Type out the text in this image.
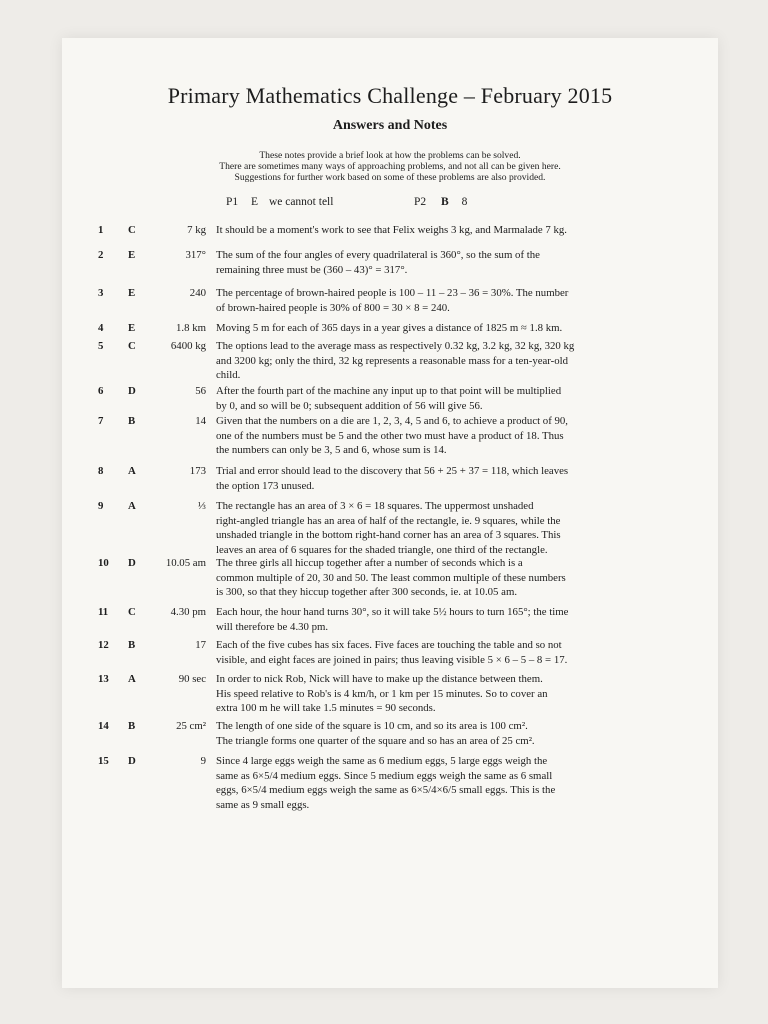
Primary Mathematics Challenge – February 2015
Answers and Notes
These notes provide a brief look at how the problems can be solved.
There are sometimes many ways of approaching problems, and not all can be given here.
Suggestions for further work based on some of these problems are also provided.
P1 E we cannot tell	P2 B 8
1	C	7 kg It should be a moment's work to see that Felix weighs 3 kg, and Marmalade 7 kg.
2	E	317° The sum of the four angles of every quadrilateral is 360°, so the sum of the
remaining three must be (360 – 43)° = 317°.
3	E	240 The percentage of brown-haired people is 100 – 11 – 23 – 36 = 30%. The number
of brown-haired people is 30% of 800 = 30 × 8 = 240.
4	E	1.8 km Moving 5 m for each of 365 days in a year gives a distance of 1825 m ≈ 1.8 km.
5	C	6400 kg The options lead to the average mass as respectively 0.32 kg, 3.2 kg, 32 kg, 320 kg
and 3200 kg; only the third, 32 kg represents a reasonable mass for a ten-year-old
child.
6	D	56 After the fourth part of the machine any input up to that point will be multiplied
by 0, and so will be 0; subsequent addition of 56 will give 56.
7	B	14 Given that the numbers on a die are 1, 2, 3, 4, 5 and 6, to achieve a product of 90,
one of the numbers must be 5 and the other two must have a product of 18. Thus
the numbers can only be 3, 5 and 6, whose sum is 14.
8	A	173 Trial and error should lead to the discovery that 56 + 25 + 37 = 118, which leaves
the option 173 unused.
9	A	⅓ The rectangle has an area of 3 × 6 = 18 squares. The uppermost unshaded
right-angled triangle has an area of half of the rectangle, ie. 9 squares, while the
unshaded triangle in the bottom right-hand corner has an area of 3 squares. This
leaves an area of 6 squares for the shaded triangle, one third of the rectangle.
10	D	10.05 am The three girls all hiccup together after a number of seconds which is a
common multiple of 20, 30 and 50. The least common multiple of these numbers
is 300, so that they hiccup together after 300 seconds, ie. at 10.05 am.
11	C	4.30 pm Each hour, the hour hand turns 30°, so it will take 5½ hours to turn 165°; the time
will therefore be 4.30 pm.
12	B	17 Each of the five cubes has six faces. Five faces are touching the table and so not
visible, and eight faces are joined in pairs; thus leaving visible 5 × 6 – 5 – 8 = 17.
13	A	90 sec In order to nick Rob, Nick will have to make up the distance between them.
His speed relative to Rob's is 4 km/h, or 1 km per 15 minutes. So to cover an
extra 100 m he will take 1.5 minutes = 90 seconds.
14	B	25 cm² The length of one side of the square is 10 cm, and so its area is 100 cm².
The triangle forms one quarter of the square and so has an area of 25 cm².
15	D	9 Since 4 large eggs weigh the same as 6 medium eggs, 5 large eggs weigh the
same as 6×5/4 medium eggs. Since 5 medium eggs weigh the same as 6 small
eggs, 6×5/4 medium eggs weigh the same as 6×5/4×6/5 small eggs. This is the
same as 9 small eggs.
